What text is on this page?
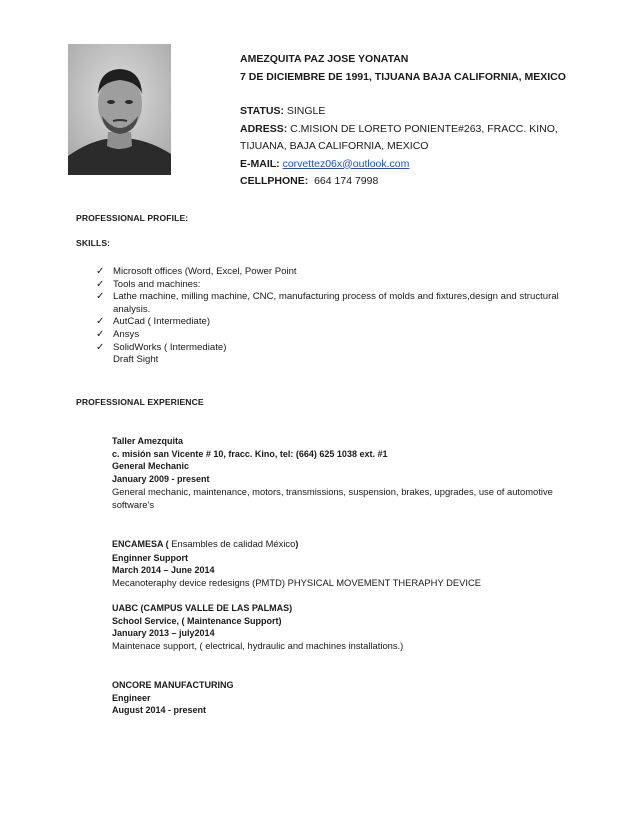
AMEZQUITA PAZ JOSE YONATAN
7 DE DICIEMBRE DE 1991, TIJUANA BAJA CALIFORNIA, MEXICO
STATUS: SINGLE
ADRESS: C.MISION DE LORETO PONIENTE#263, FRACC. KINO,
TIJUANA, BAJA CALIFORNIA, MEXICO
E-MAIL: corvettez06x@outlook.com
CELLPHONE: 664 174 7998
PROFESSIONAL PROFILE:
SKILLS:
✓ Microsoft offices (Word, Excel, Power Point
✓ Tools and machines:
✓ Lathe machine, milling machine, CNC, manufacturing process of molds and fixtures,design and structural analysis.
✓ AutCad ( Intermediate)
✓ Ansys
✓ SolidWorks ( Intermediate)
Draft Sight
PROFESSIONAL EXPERIENCE
Taller Amezquita
c. misión san Vicente # 10, fracc. Kino, tel: (664) 625 1038 ext. #1
General Mechanic
January 2009 - present
General mechanic, maintenance, motors, transmissions, suspension, brakes, upgrades, use of automotive software’s
ENCAMESA ( Ensambles de calidad México)
Enginner Support
March 2014 – June 2014
Mecanoteraphy device redesigns (PMTD) PHYSICAL MOVEMENT THERAPHY DEVICE
UABC (CAMPUS VALLE DE LAS PALMAS)
School Service, ( Maintenance Support)
January 2013 – july2014
Maintenace support, ( electrical, hydraulic and machines installations.)
ONCORE MANUFACTURING
Engineer
August 2014 - present
